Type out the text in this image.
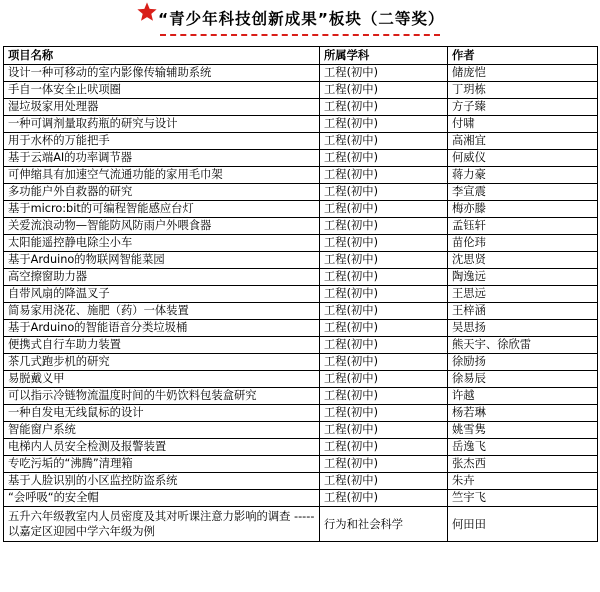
“青少年科技创新成果”板块（二等奖）
项目名称	所属学科	作者
设计一种可移动的室内影像传输辅助系统	工程(初中)	储庞恺
手自一体安全止吠项圈	工程(初中)	丁玥栋
湿垃圾家用处理器	工程(初中)	方子臻
一种可调剂量取药瓶的研究与设计	工程(初中)	付啸
用于水杯的万能把手	工程(初中)	高湘宜
基于云端AI的功率调节器	工程(初中)	何威仪
可伸缩具有加速空气流通功能的家用毛巾架	工程(初中)	蒋力豪
多功能户外自救器的研究	工程(初中)	李宣震
基于micro:bit的可编程智能感应台灯	工程(初中)	梅亦滕
关爱流浪动物—智能防风防雨户外喂食器	工程(初中)	孟钰轩
太阳能遥控静电除尘小车	工程(初中)	苗伦玮
基于Arduino的物联网智能菜园	工程(初中)	沈思贤
高空擦窗助力器	工程(初中)	陶逸远
自带风扇的降温叉子	工程(初中)	王思远
简易家用浇花、施肥（药）一体装置	工程(初中)	王梓涵
基于Arduino的智能语音分类垃圾桶	工程(初中)	吴思扬
便携式自行车助力装置	工程(初中)	熊天宇、徐欣雷
茶几式跑步机的研究	工程(初中)	徐励扬
易脱戴义甲	工程(初中)	徐易辰
可以指示冷链物流温度时间的牛奶饮料包装盒研究	工程(初中)	许越
一种自发电无线鼠标的设计	工程(初中)	杨若琳
智能窗户系统	工程(初中)	姚雪隽
电梯内人员安全检测及报警装置	工程(初中)	岳逸飞
专吃污垢的“沸腾”清理箱	工程(初中)	张杰西
基于人脸识别的小区监控防盗系统	工程(初中)	朱卉
“会呼吸“的安全帽	工程(初中)	竺宇飞
五升六年级教室内人员密度及其对听课注意力影响的调查 -----以嘉定区迎园中学六年级为例	行为和社会科学	何田田
